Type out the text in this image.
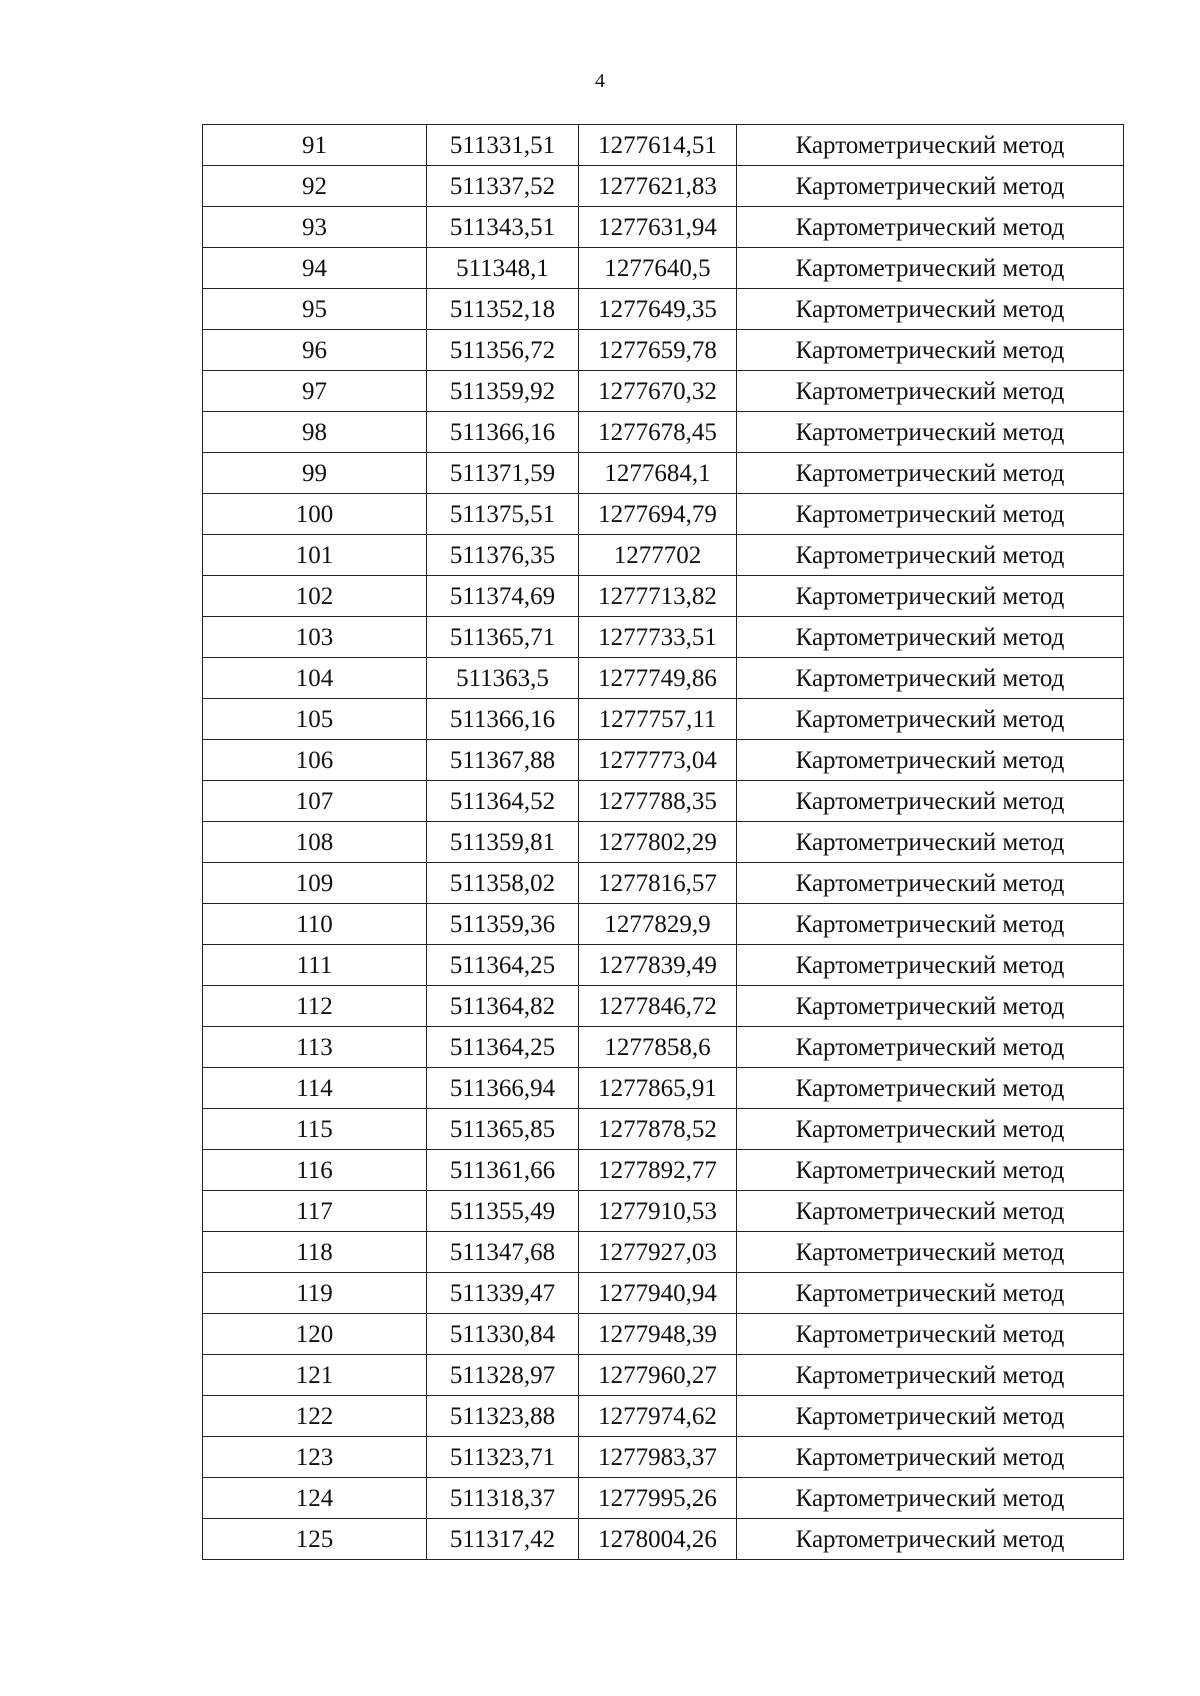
4
91	511331,51	1277614,51	Картометрический метод
92	511337,52	1277621,83	Картометрический метод
93	511343,51	1277631,94	Картометрический метод
94	511348,1	1277640,5	Картометрический метод
95	511352,18	1277649,35	Картометрический метод
96	511356,72	1277659,78	Картометрический метод
97	511359,92	1277670,32	Картометрический метод
98	511366,16	1277678,45	Картометрический метод
99	511371,59	1277684,1	Картометрический метод
100	511375,51	1277694,79	Картометрический метод
101	511376,35	1277702	Картометрический метод
102	511374,69	1277713,82	Картометрический метод
103	511365,71	1277733,51	Картометрический метод
104	511363,5	1277749,86	Картометрический метод
105	511366,16	1277757,11	Картометрический метод
106	511367,88	1277773,04	Картометрический метод
107	511364,52	1277788,35	Картометрический метод
108	511359,81	1277802,29	Картометрический метод
109	511358,02	1277816,57	Картометрический метод
110	511359,36	1277829,9	Картометрический метод
111	511364,25	1277839,49	Картометрический метод
112	511364,82	1277846,72	Картометрический метод
113	511364,25	1277858,6	Картометрический метод
114	511366,94	1277865,91	Картометрический метод
115	511365,85	1277878,52	Картометрический метод
116	511361,66	1277892,77	Картометрический метод
117	511355,49	1277910,53	Картометрический метод
118	511347,68	1277927,03	Картометрический метод
119	511339,47	1277940,94	Картометрический метод
120	511330,84	1277948,39	Картометрический метод
121	511328,97	1277960,27	Картометрический метод
122	511323,88	1277974,62	Картометрический метод
123	511323,71	1277983,37	Картометрический метод
124	511318,37	1277995,26	Картометрический метод
125	511317,42	1278004,26	Картометрический метод
